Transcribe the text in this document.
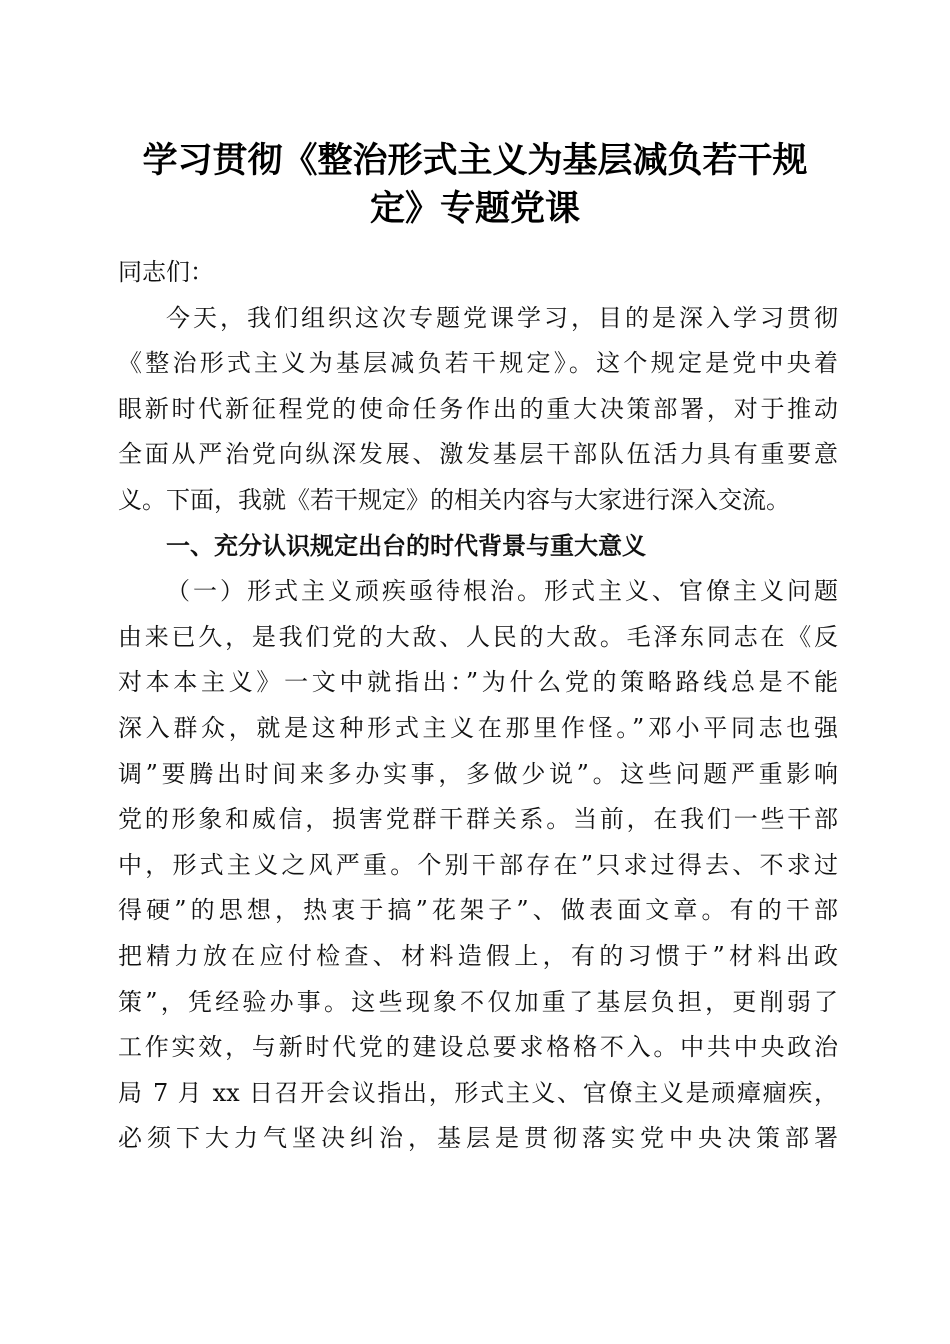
学习贯彻《整治形式主义为基层减负若干规
定》专题党课
同志们：
今天，我们组织这次专题党课学习，目的是深入学习贯彻
《整治形式主义为基层减负若干规定》。这个规定是党中央着
眼新时代新征程党的使命任务作出的重大决策部署，对于推动
全面从严治党向纵深发展、激发基层干部队伍活力具有重要意
义。下面，我就《若干规定》的相关内容与大家进行深入交流。
一、充分认识规定出台的时代背景与重大意义
（一）形式主义顽疾亟待根治。形式主义、官僚主义问题
由来已久，是我们党的大敌、人民的大敌。毛泽东同志在《反
对本本主义》一文中就指出：”为什么党的策略路线总是不能
深入群众，就是这种形式主义在那里作怪。”邓小平同志也强
调”要腾出时间来多办实事，多做少说”。这些问题严重影响
党的形象和威信，损害党群干群关系。当前，在我们一些干部
中，形式主义之风严重。个别干部存在”只求过得去、不求过
得硬”的思想，热衷于搞”花架子”、做表面文章。有的干部
把精力放在应付检查、材料造假上，有的习惯于”材料出政
策”，凭经验办事。这些现象不仅加重了基层负担，更削弱了
工作实效，与新时代党的建设总要求格格不入。中共中央政治
局 7 月 xx 日召开会议指出，形式主义、官僚主义是顽瘴痼疾，
必须下大力气坚决纠治，基层是贯彻落实党中央决策部署
